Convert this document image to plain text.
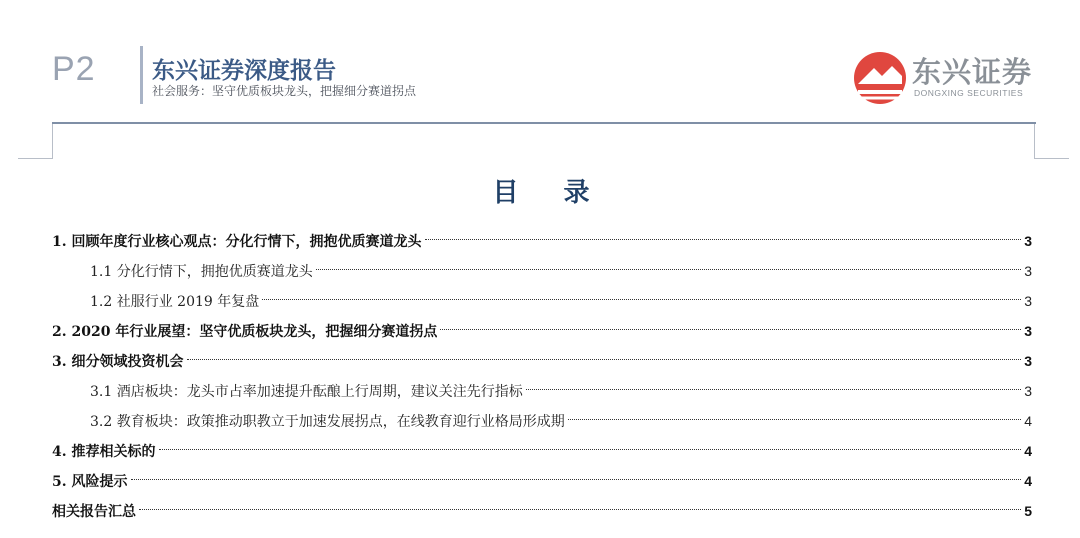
P2 东兴证券深度报告
社会服务：坚守优质板块龙头，把握细分赛道拐点
东兴证券
DONGXING SECURITIES
目 录
1. 回顾年度行业核心观点：分化行情下，拥抱优质赛道龙头	3
1.1 分化行情下，拥抱优质赛道龙头	3
1.2 社服行业 2019 年复盘	3
2. 2020 年行业展望：坚守优质板块龙头，把握细分赛道拐点	3
3. 细分领域投资机会	3
3.1 酒店板块：龙头市占率加速提升酝酿上行周期，建议关注先行指标	3
3.2 教育板块：政策推动职教立于加速发展拐点，在线教育迎行业格局形成期	4
4. 推荐相关标的	4
5. 风险提示	4
相关报告汇总	5
